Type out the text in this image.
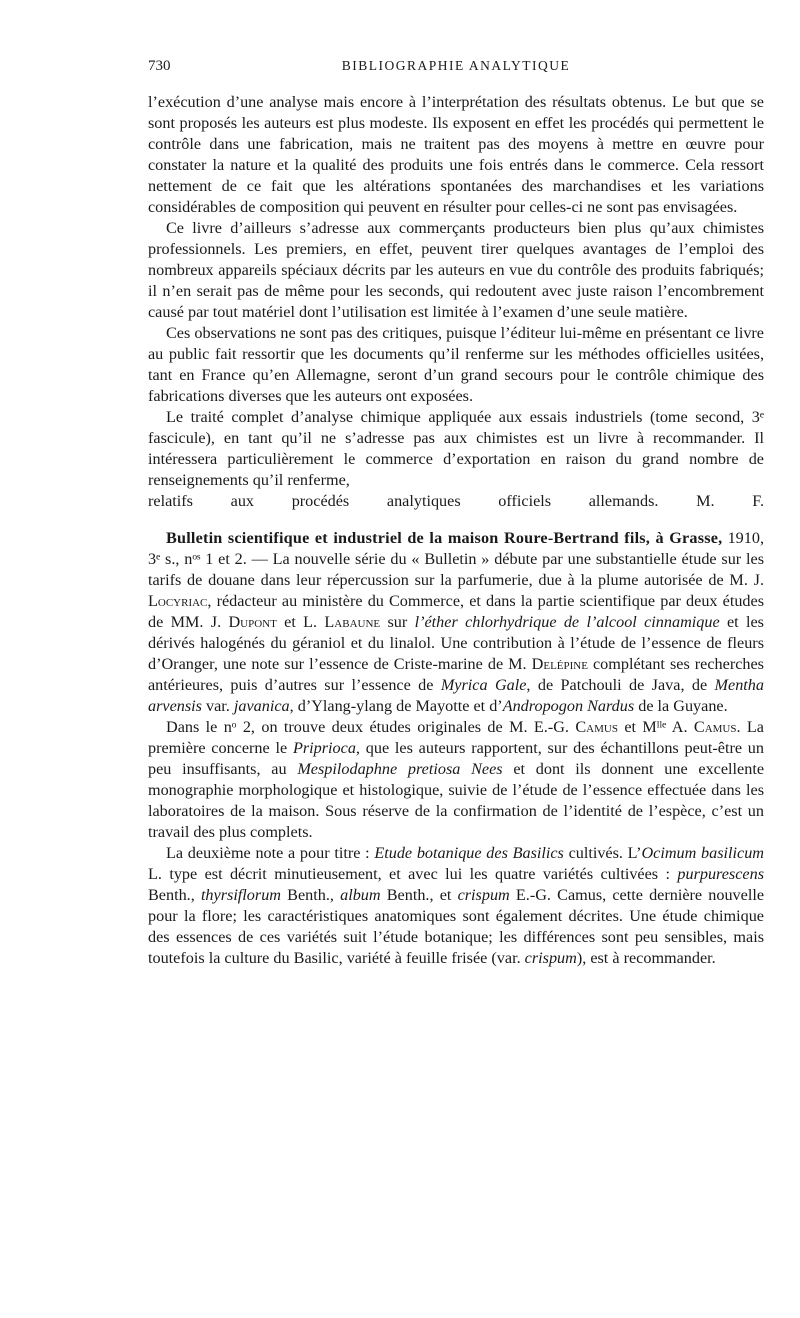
730	BIBLIOGRAPHIE ANALYTIQUE

l’exécution d’une analyse mais encore à l’interprétation des résultats obtenus. Le but que se sont proposés les auteurs est plus modeste. Ils exposent en effet les procédés qui permettent le contrôle dans une fabrication, mais ne traitent pas des moyens à mettre en œuvre pour constater la nature et la qualité des produits une fois entrés dans le commerce. Cela ressort nettement de ce fait que les altérations spontanées des marchandises et les variations considérables de composition qui peuvent en résulter pour celles-ci ne sont pas envisagées.

Ce livre d’ailleurs s’adresse aux commerçants producteurs bien plus qu’aux chimistes professionnels. Les premiers, en effet, peuvent tirer quelques avantages de l’emploi des nombreux appareils spéciaux décrits par les auteurs en vue du contrôle des produits fabriqués; il n’en serait pas de même pour les seconds, qui redoutent avec juste raison l’encombrement causé par tout matériel dont l’utilisation est limitée à l’examen d’une seule matière.

Ces observations ne sont pas des critiques, puisque l’éditeur lui-même en présentant ce livre au public fait ressortir que les documents qu’il renferme sur les méthodes officielles usitées, tant en France qu’en Allemagne, seront d’un grand secours pour le contrôle chimique des fabrications diverses que les auteurs ont exposées.

Le traité complet d’analyse chimique appliquée aux essais industriels (tome second, 3ᵉ fascicule), en tant qu’il ne s’adresse pas aux chimistes est un livre à recommander. Il intéressera particulièrement le commerce d’exportation en raison du grand nombre de renseignements qu’il renferme,

relatifs aux procédés analytiques officiels allemands. M. F.

Bulletin scientifique et industriel de la maison Roure-Bertrand fils, à Grasse, 1910, 3ᵉ s., nᵒˢ 1 et 2. — La nouvelle série du « Bulletin » débute par une substantielle étude sur les tarifs de douane dans leur répercussion sur la parfumerie, due à la plume autorisée de M. J. Locyriac, rédacteur au ministère du Commerce, et dans la partie scientifique par deux études de MM. J. Dupont et L. Labaune sur l’éther chlorhydrique de l’alcool cinnamique et les dérivés halogénés du géraniol et du linalol. Une contribution à l’étude de l’essence de fleurs d’Oranger, une note sur l’essence de Criste-marine de M. Delépine complétant ses recherches antérieures, puis d’autres sur l’essence de Myrica Gale, de Patchouli de Java, de Mentha arvensis var. javanica, d’Ylang-ylang de Mayotte et d’Andropogon Nardus de la Guyane.

Dans le nᵒ 2, on trouve deux études originales de M. E.-G. Camus et Mˡˡᵉ A. Camus. La première concerne le Priprioca, que les auteurs rapportent, sur des échantillons peut-être un peu insuffisants, au Mespilodaphne pretiosa Nees et dont ils donnent une excellente monographie morphologique et histologique, suivie de l’étude de l’essence effectuée dans les laboratoires de la maison. Sous réserve de la confirmation de l’identité de l’espèce, c’est un travail des plus complets.

La deuxième note a pour titre : Etude botanique des Basilics cultivés. L’Ocimum basilicum L. type est décrit minutieusement, et avec lui les quatre variétés cultivées : purpurescens Benth., thyrsiflorum Benth., album Benth., et crispum E.-G. Camus, cette dernière nouvelle pour la flore; les caractéristiques anatomiques sont également décrites. Une étude chimique des essences de ces variétés suit l’étude botanique; les différences sont peu sensibles, mais toutefois la culture du Basilic, variété à feuille frisée (var. crispum), est à recommander.
